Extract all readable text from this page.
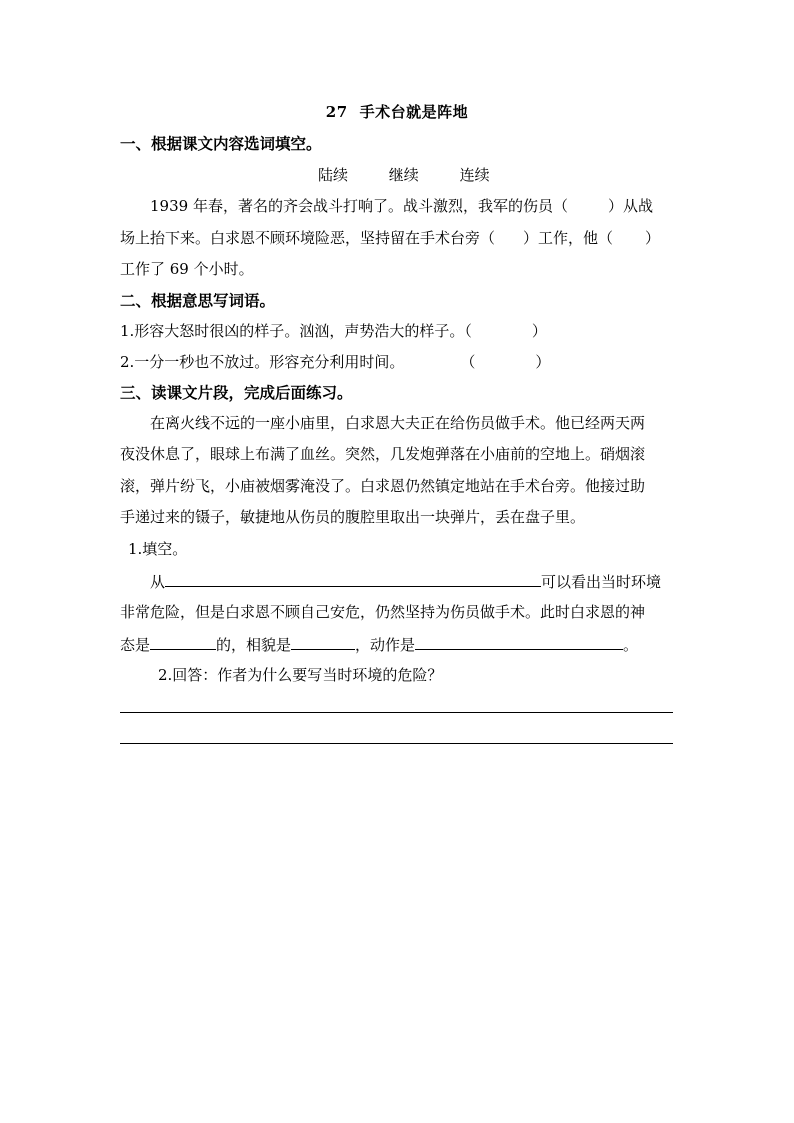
27 手术台就是阵地
一、根据课文内容选词填空。
陆续	继续	连续
1939 年春，著名的齐会战斗打响了。战斗激烈，我军的伤员（	）从战
场上抬下来。白求恩不顾环境险恶，坚持留在手术台旁（ ）工作，他（ ）
工作了 69 个小时。
二、根据意思写词语。
1.形容大怒时很凶的样子。汹汹，声势浩大的样子。（	）
2.一分一秒也不放过。形容充分利用时间。	（	）
三、读课文片段，完成后面练习。
在离火线不远的一座小庙里，白求恩大夫正在给伤员做手术。他已经两天两
夜没休息了，眼球上布满了血丝。突然，几发炮弹落在小庙前的空地上。硝烟滚
滚，弹片纷飞，小庙被烟雾淹没了。白求恩仍然镇定地站在手术台旁。他接过助
手递过来的镊子，敏捷地从伤员的腹腔里取出一块弹片，丢在盘子里。
1.填空。
从	可以看出当时环境
非常危险，但是白求恩不顾自己安危，仍然坚持为伤员做手术。此时白求恩的神
态是	的，相貌是	，动作是	。
2.回答：作者为什么要写当时环境的危险？
